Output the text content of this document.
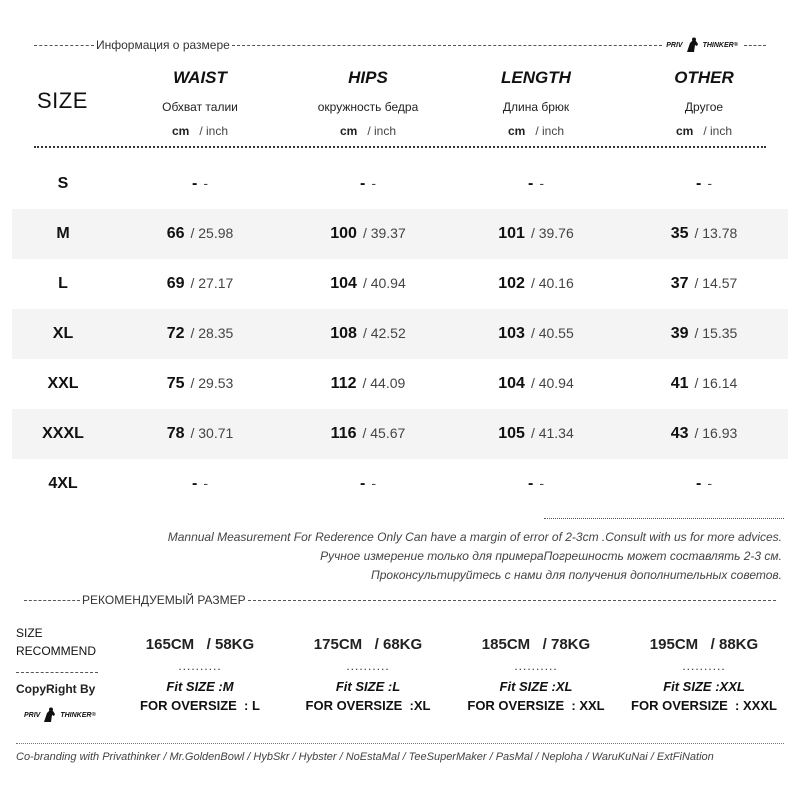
Информация о размере	PRIV	THINKER ®
SIZE
WAIST
Обхват талии
cm / inch
HIPS
окружность бедра
cm / inch
LENGTH
Длина брюк
cm / inch
OTHER
Другое
cm / inch
S	- -	- -	- -	- -
M	66 / 25.98	100 / 39.37	101 / 39.76	35 / 13.78
L	69 / 27.17	104 / 40.94	102 / 40.16	37 / 14.57
XL	72 / 28.35	108 / 42.52	103 / 40.55	39 / 15.35
XXL	75 / 29.53	112 / 44.09	104 / 40.94	41 / 16.14
XXXL	78 / 30.71	116 / 45.67	105 / 41.34	43 / 16.93
4XL	- -	- -	- -	- -
Mannual Measurement For Rederence Only Can have a margin of error of 2-3cm .Consult with us for more advices.
Ручное измерение только для примераПогрешность может составлять 2-3 см.
Проконсультируйтесь с нами для получения дополнительных советов.
РЕКОМЕНДУЕМЫЙ РАЗМЕР
SIZE
RECOMMEND
CopyRight By
PRIV	THINKER ®
165CM   / 58KG
..........
Fit SIZE :M
FOR OVERSIZE  : L
175CM   / 68KG
..........
Fit SIZE :L
FOR OVERSIZE  :XL
185CM   / 78KG
..........
Fit SIZE :XL
FOR OVERSIZE  : XXL
195CM   / 88KG
..........
Fit SIZE :XXL
FOR OVERSIZE  : XXXL
Co-branding with Privathinker / Mr.GoldenBowl / HybSkr / Hybster / NoEstaMal / TeeSuperMaker / PasMal / Neploha / WaruKuNai / ExtFiNation
